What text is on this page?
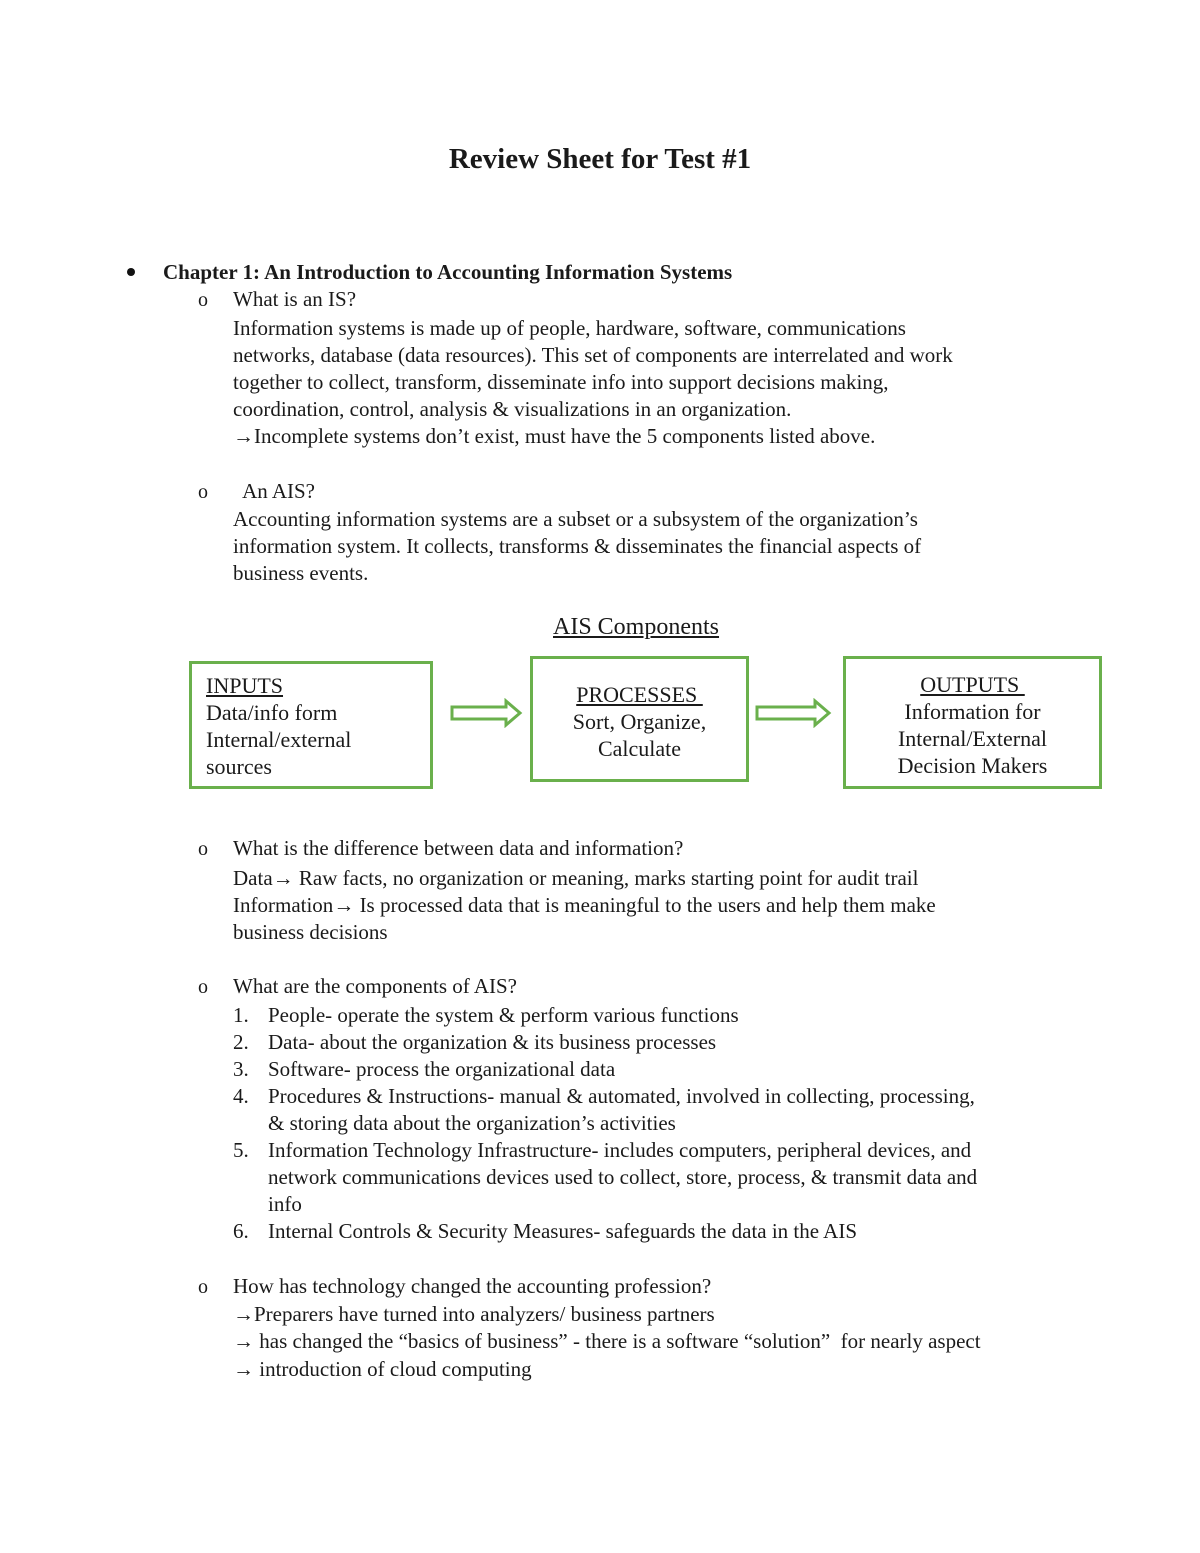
Review Sheet for Test #1
Chapter 1: An Introduction to Accounting Information Systems
o What is an IS?
Information systems is made up of people, hardware, software, communications
networks, database (data resources). This set of components are interrelated and work
together to collect, transform, disseminate info into support decisions making,
coordination, control, analysis & visualizations in an organization.
→Incomplete systems don’t exist, must have the 5 components listed above.
o An AIS?
Accounting information systems are a subset or a subsystem of the organization’s
information system. It collects, transforms & disseminates the financial aspects of
business events.
AIS Components
INPUTS
Data/info form
Internal/external
sources
PROCESSES
Sort, Organize,
Calculate
OUTPUTS
Information for
Internal/External
Decision Makers
o What is the difference between data and information?
Data→ Raw facts, no organization or meaning, marks starting point for audit trail
Information→ Is processed data that is meaningful to the users and help them make
business decisions
o What are the components of AIS?
1. People- operate the system & perform various functions
2. Data- about the organization & its business processes
3. Software- process the organizational data
4. Procedures & Instructions- manual & automated, involved in collecting, processing,
& storing data about the organization’s activities
5. Information Technology Infrastructure- includes computers, peripheral devices, and
network communications devices used to collect, store, process, & transmit data and
info
6. Internal Controls & Security Measures- safeguards the data in the AIS
o How has technology changed the accounting profession?
→Preparers have turned into analyzers/ business partners
→ has changed the “basics of business” - there is a software “solution”  for nearly aspect
→ introduction of cloud computing
